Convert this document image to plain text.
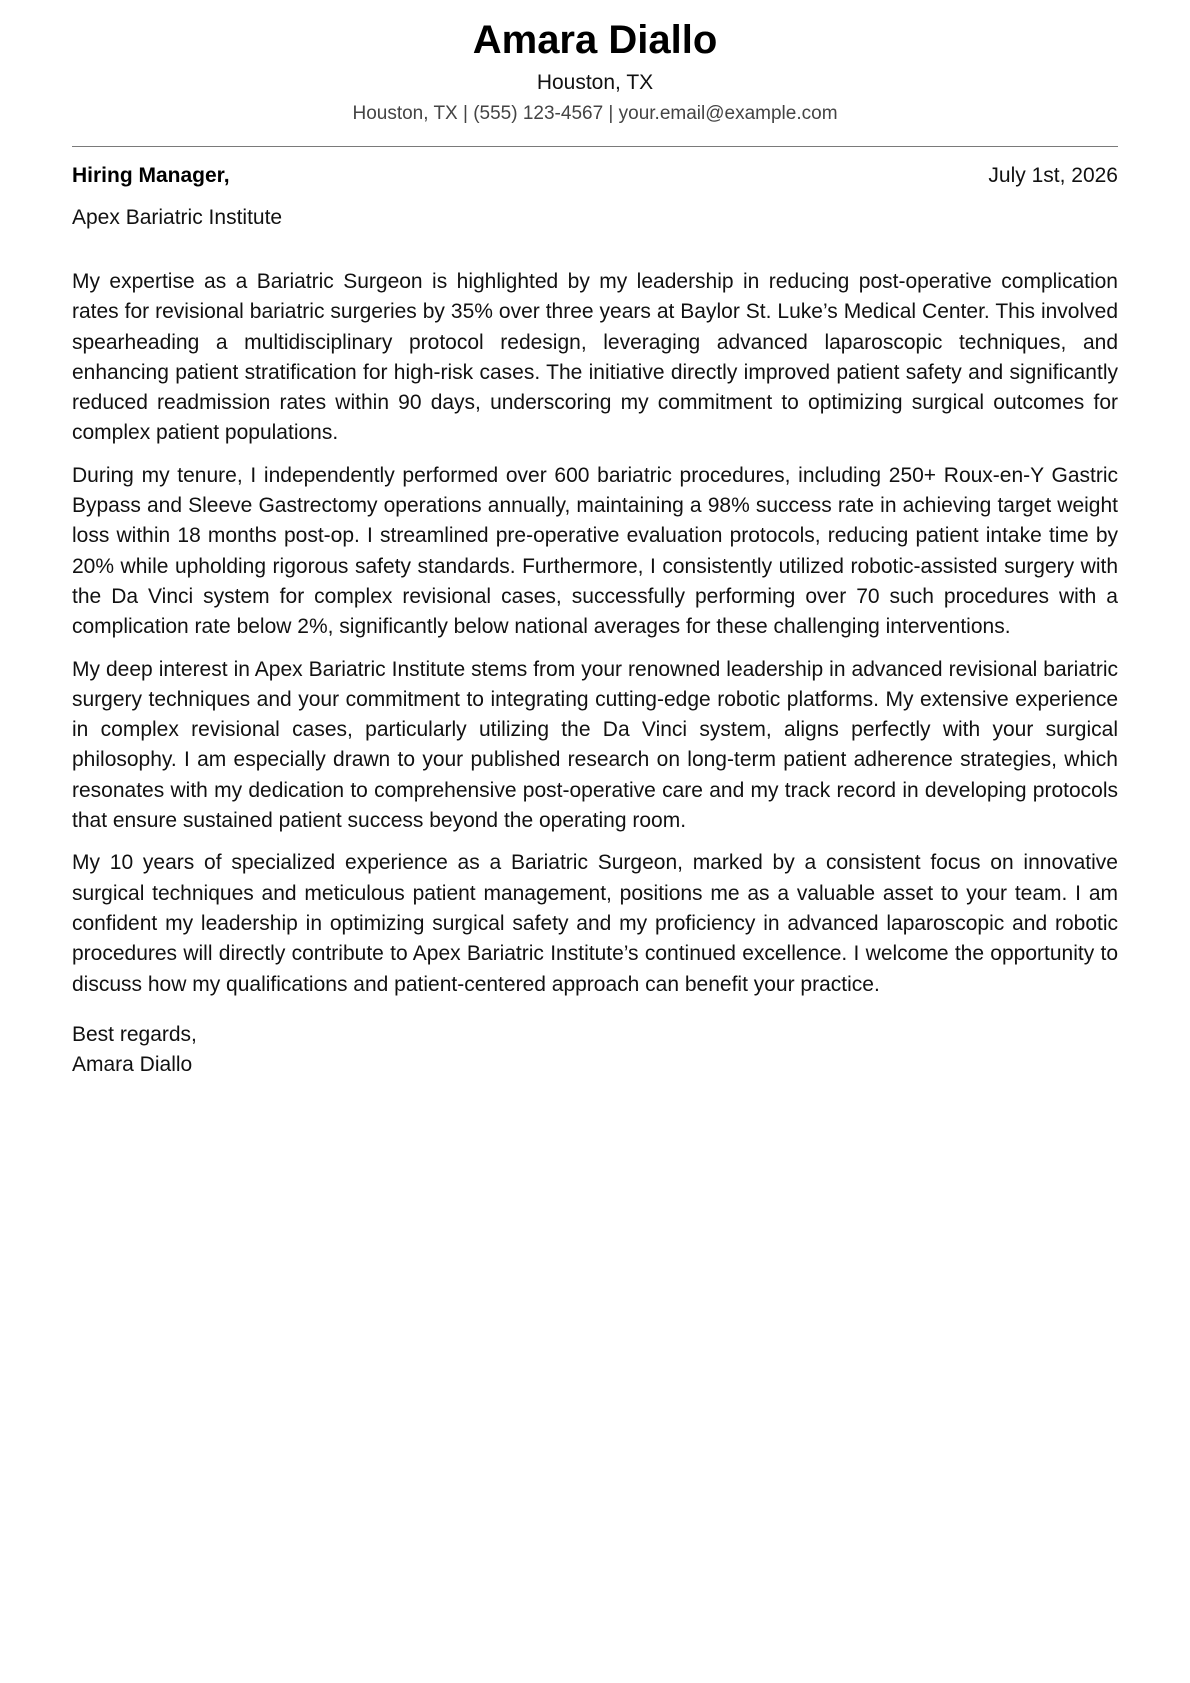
Amara Diallo
Houston, TX
Houston, TX | (555) 123-4567 | your.email@example.com
Hiring Manager,	July 1st, 2026
Apex Bariatric Institute

My expertise as a Bariatric Surgeon is highlighted by my leadership in reducing post-operative complication rates for revisional bariatric surgeries by 35% over three years at Baylor St. Luke’s Medical Center. This involved spearheading a multidisciplinary protocol redesign, leveraging advanced laparoscopic techniques, and enhancing patient stratification for high-risk cases. The initiative directly improved patient safety and significantly reduced readmission rates within 90 days, underscoring my commitment to optimizing surgical outcomes for complex patient populations.

During my tenure, I independently performed over 600 bariatric procedures, including 250+ Roux-en-Y Gastric Bypass and Sleeve Gastrectomy operations annually, maintaining a 98% success rate in achieving target weight loss within 18 months post-op. I streamlined pre-operative evaluation protocols, reducing patient intake time by 20% while upholding rigorous safety standards. Furthermore, I consistently utilized robotic-assisted surgery with the Da Vinci system for complex revisional cases, successfully performing over 70 such procedures with a complication rate below 2%, significantly below national averages for these challenging interventions.

My deep interest in Apex Bariatric Institute stems from your renowned leadership in advanced revisional bariatric surgery techniques and your commitment to integrating cutting-edge robotic platforms. My extensive experience in complex revisional cases, particularly utilizing the Da Vinci system, aligns perfectly with your surgical philosophy. I am especially drawn to your published research on long-term patient adherence strategies, which resonates with my dedication to comprehensive post-operative care and my track record in developing protocols that ensure sustained patient success beyond the operating room.

My 10 years of specialized experience as a Bariatric Surgeon, marked by a consistent focus on innovative surgical techniques and meticulous patient management, positions me as a valuable asset to your team. I am confident my leadership in optimizing surgical safety and my proficiency in advanced laparoscopic and robotic procedures will directly contribute to Apex Bariatric Institute’s continued excellence. I welcome the opportunity to discuss how my qualifications and patient-centered approach can benefit your practice.

Best regards,
Amara Diallo
